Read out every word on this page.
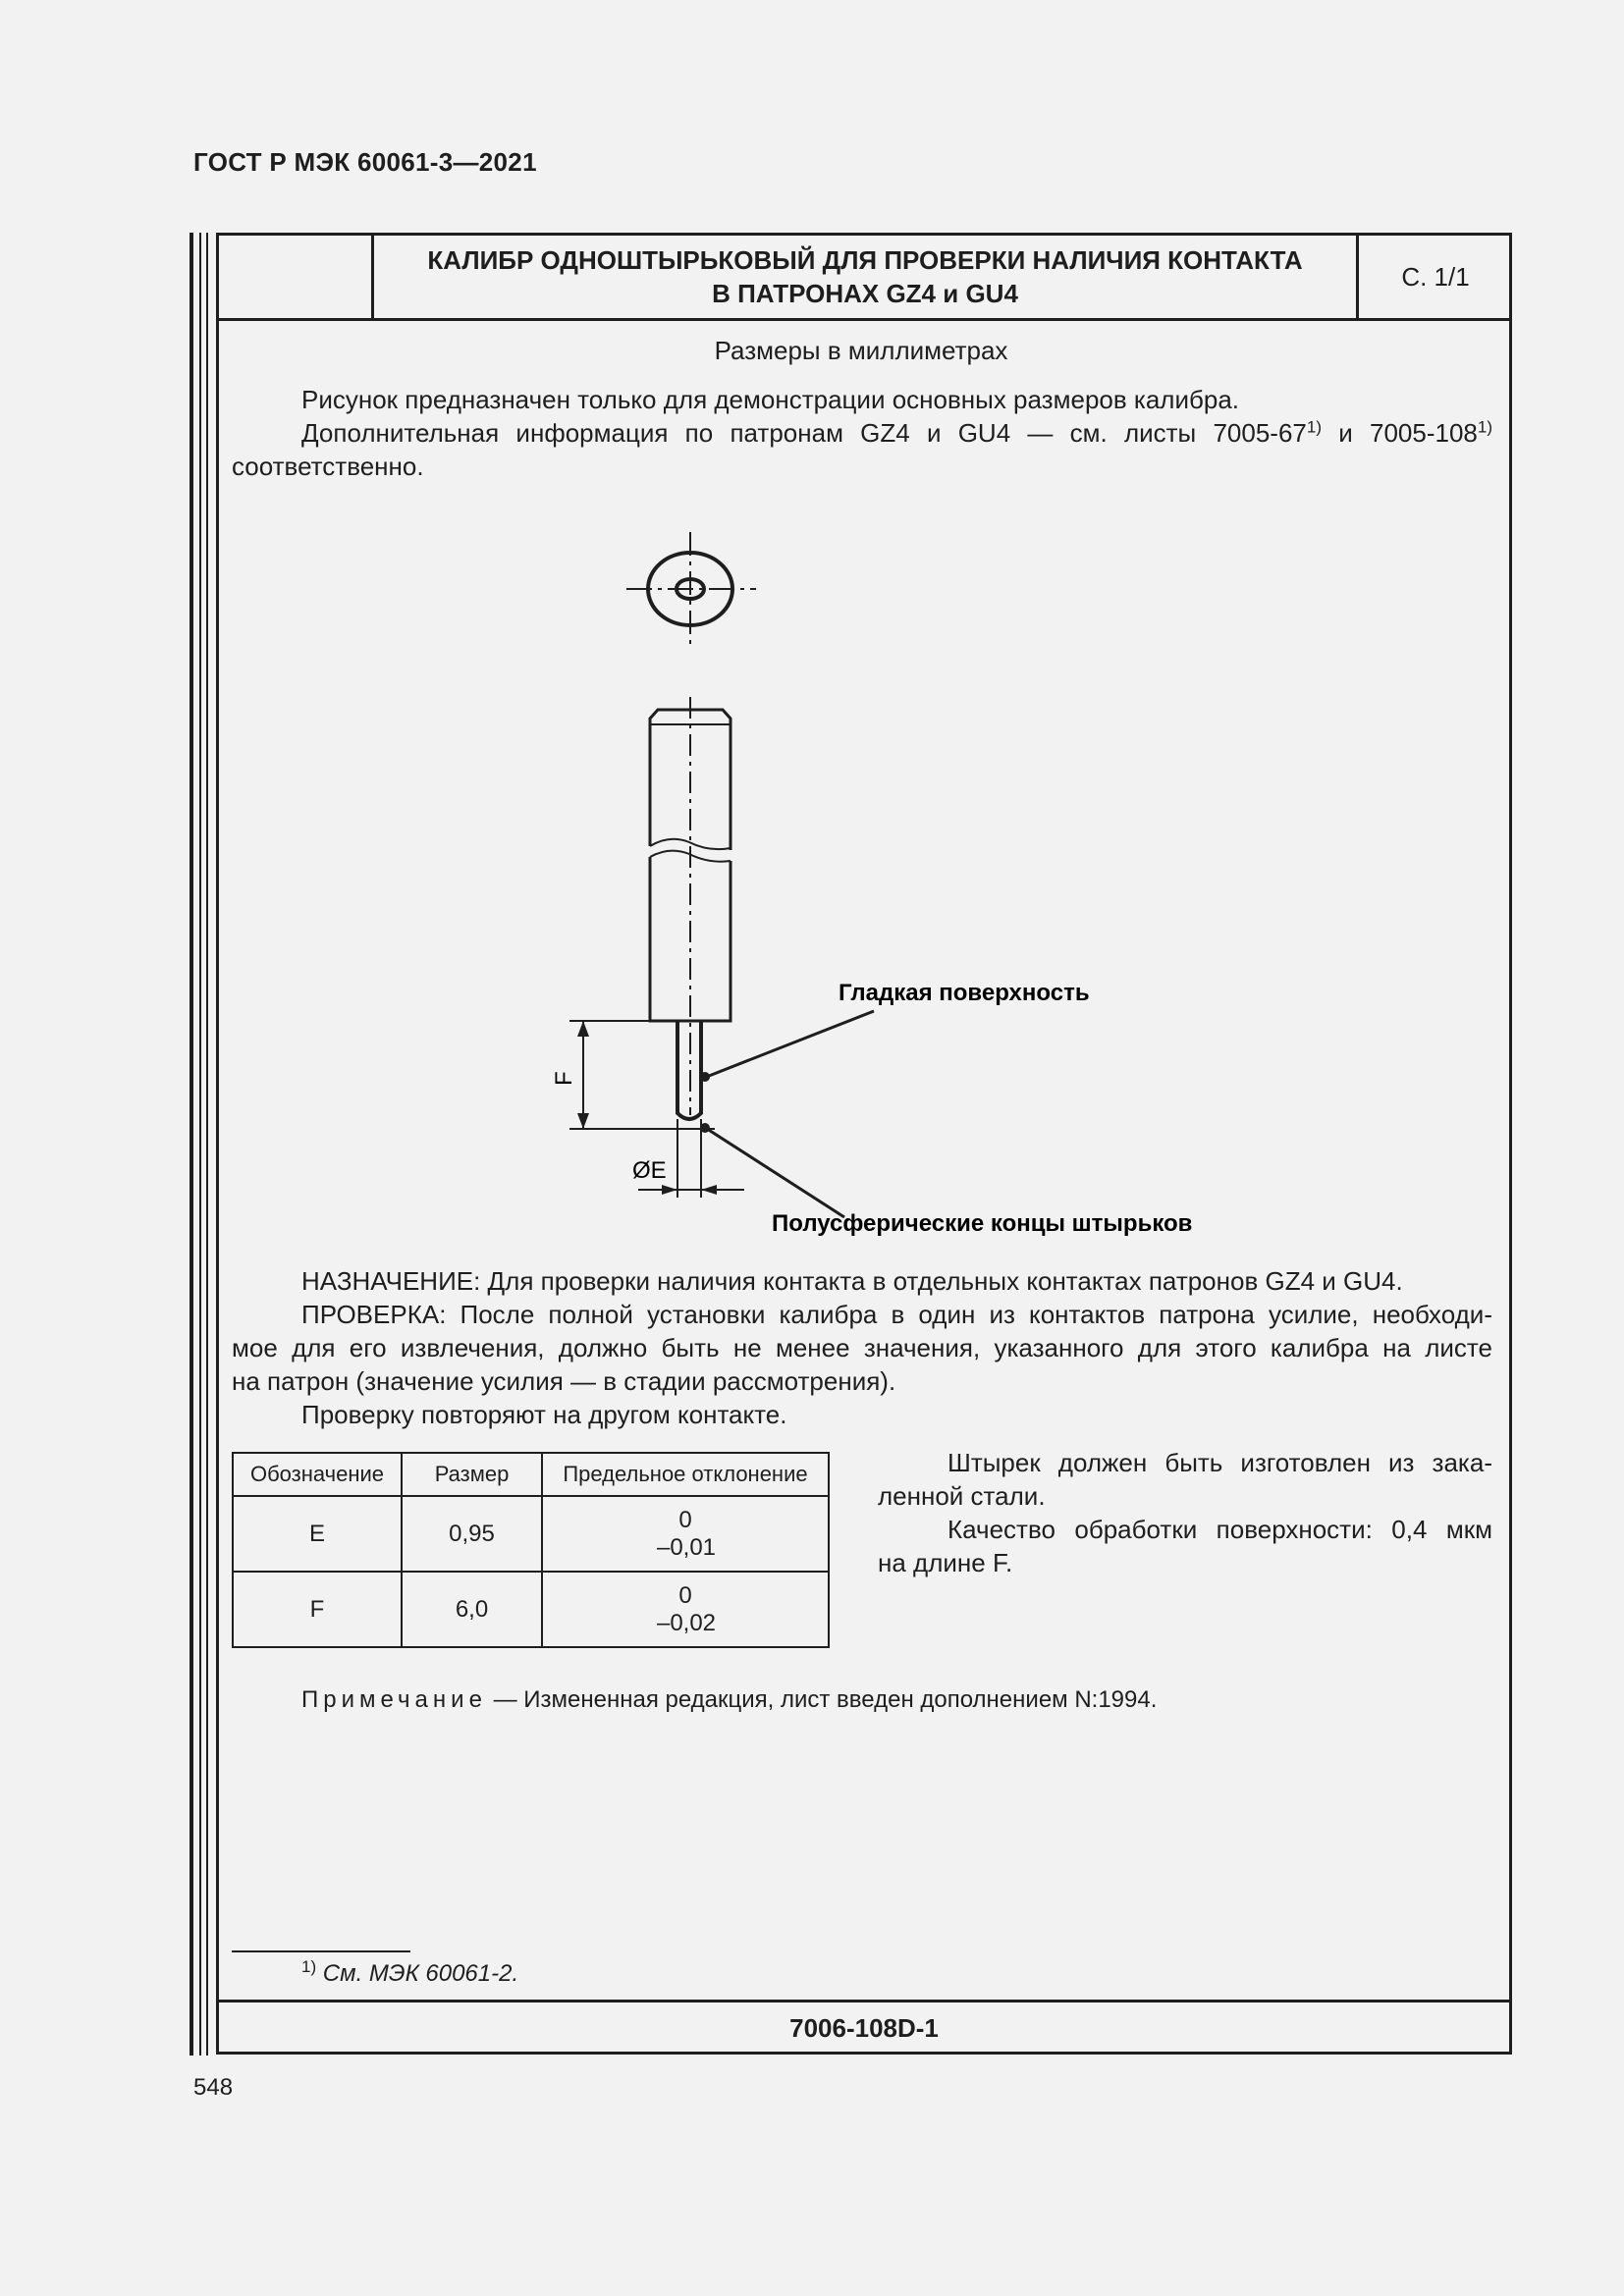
ГОСТ Р МЭК 60061-3—2021
КАЛИБР ОДНОШТЫРЬКОВЫЙ ДЛЯ ПРОВЕРКИ НАЛИЧИЯ КОНТАКТА
В ПАТРОНАХ GZ4 и GU4
С. 1/1
7006-108D-1
Размеры в миллиметрах
Рисунок предназначен только для демонстрации основных размеров калибра.
Дополнительная информация по патронам GZ4 и GU4 — см. листы 7005-67$^{1)}$ и 7005-108$^{1)}$
соответственно.
F
ØE
Гладкая поверхность
Полусферические концы штырьков
НАЗНАЧЕНИЕ: Для проверки наличия контакта в отдельных контактах патронов GZ4 и GU4.
ПРОВЕРКА: После полной установки калибра в один из контактов патрона усилие, необходи-
мое для его извлечения, должно быть не менее значения, указанного для этого калибра на листе
на патрон (значение усилия — в стадии рассмотрения).
Проверку повторяют на другом контакте.
Обозначение	Размер	Предельное отклонение
E	0,95	0
–0,01

F	6,0	0
–0,02
Штырек должен быть изготовлен из зака-
ленной стали.
Качество обработки поверхности: 0,4 мкм
на длине F.
Примечание — Измененная редакция, лист введен дополнением N:1994.
$^{1)}$ См. МЭК 60061-2.
548
